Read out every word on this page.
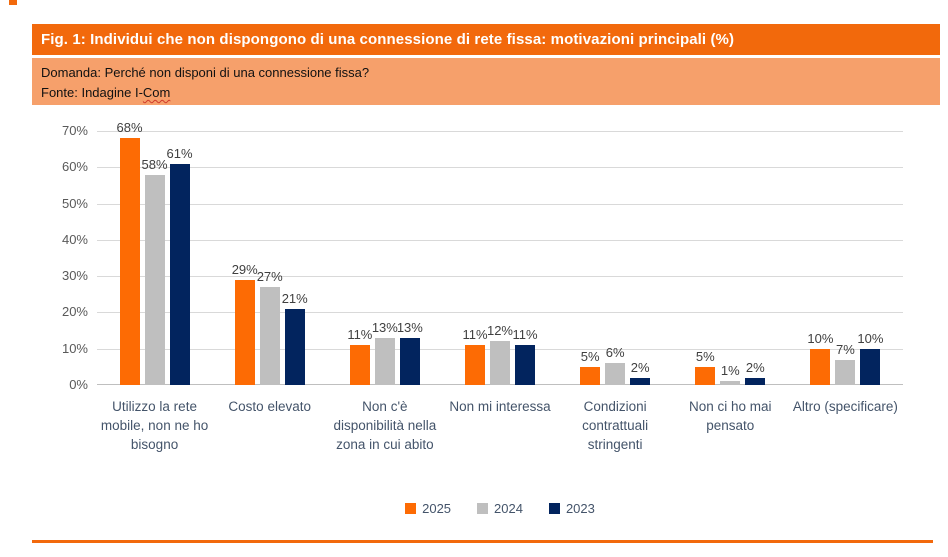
Fig. 1: Individui che non dispongono di una connessione di rete fissa: motivazioni principali (%)
Domanda: Perché non disponi di una connessione fissa?
Fonte: Indagine I-Com
0%
10%
20%
30%
40%
50%
60%
70% 68%
58%
61%
29%
27%
21%
11% 13%
13%	11% 12% 11%
5% 6%
2%
5%
1% 2%
10%
7%
10%
Utilizzo la rete mobile, non ne ho bisogno
Costo elevato	Non c'è disponibilità nella zona in cui abito
Non mi interessa	Condizioni contrattuali stringenti
Non ci ho mai pensato
Altro (specificare)
2025	2024	2023
